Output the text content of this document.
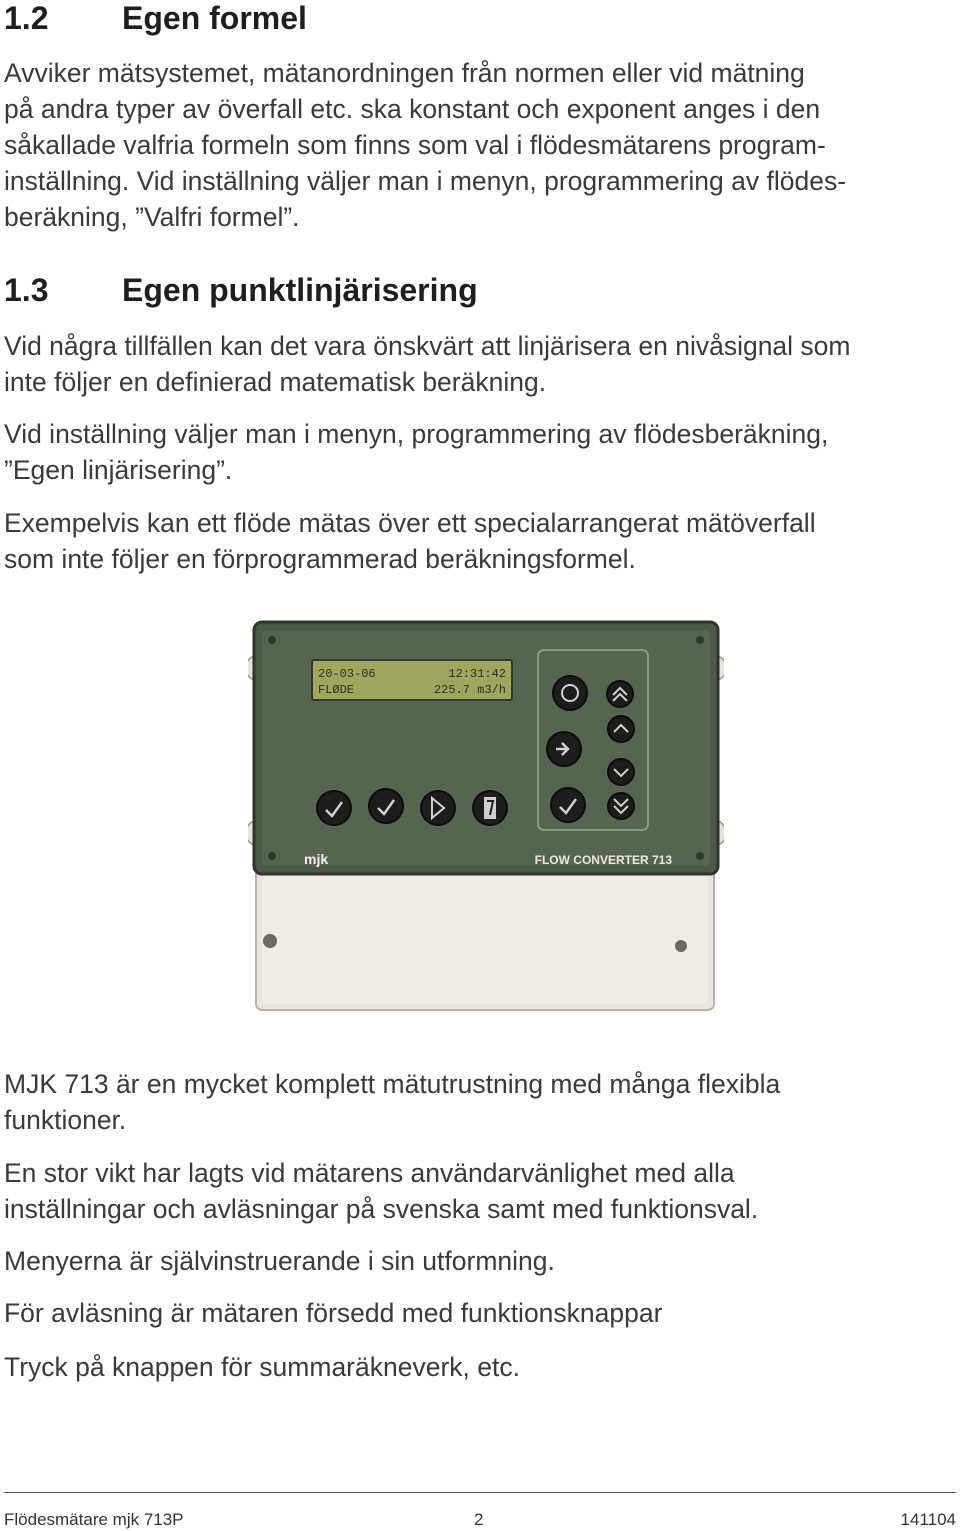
1.2 Egen formel

Avviker mätsystemet, mätanordningen från normen eller vid mätning
på andra typer av överfall etc. ska konstant och exponent anges i den
såkallade valfria formeln som finns som val i flödesmätarens program-
inställning. Vid inställning väljer man i menyn, programmering av flödes-
beräkning, ”Valfri formel”.

1.3 Egen punktlinjärisering

Vid några tillfällen kan det vara önskvärt att linjärisera en nivåsignal som
inte följer en definierad matematisk beräkning.

Vid inställning väljer man i menyn, programmering av flödesberäkning,
”Egen linjärisering”.

Exempelvis kan ett flöde mätas över ett specialarrangerat mätöverfall
som inte följer en förprogrammerad beräkningsformel.

20-03-06	12:31:42
FLØDE	225.7 m3/h
mjk	FLOW CONVERTER 713

MJK 713 är en mycket komplett mätutrustning med många flexibla
funktioner.

En stor vikt har lagts vid mätarens användarvänlighet med alla
inställningar och avläsningar på svenska samt med funktionsval.

Menyerna är självinstruerande i sin utformning.

För avläsning är mätaren försedd med funktionsknappar

Tryck på knappen för summaräkneverk, etc.

Flödesmätare mjk 713P	2	141104
